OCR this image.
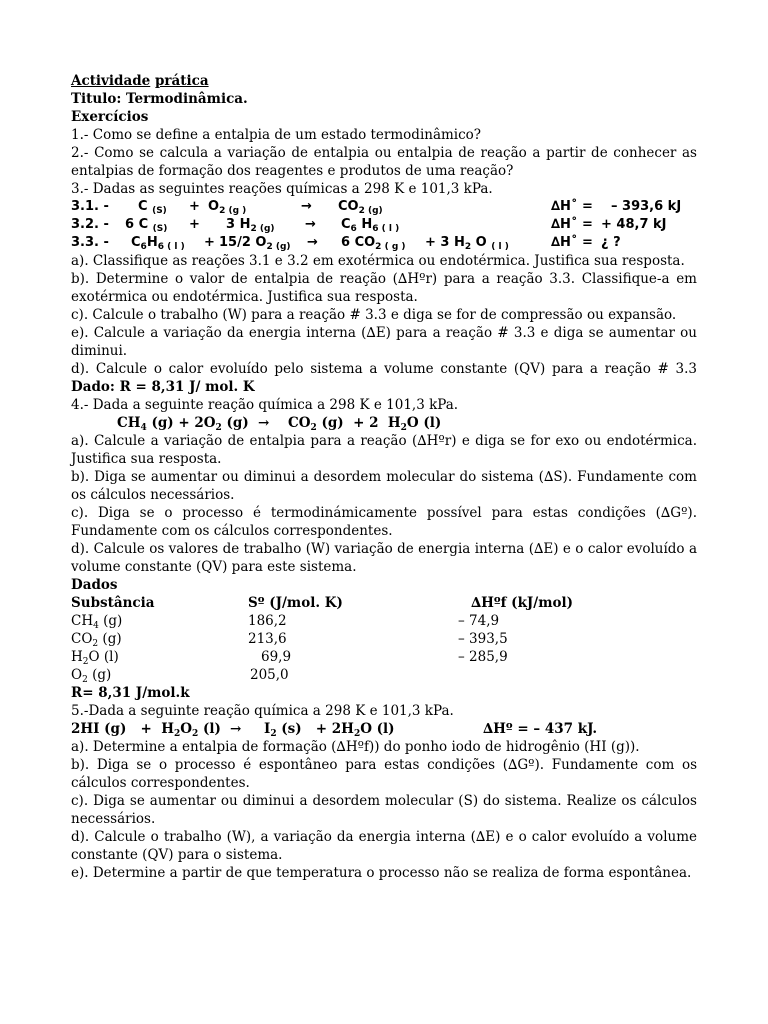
Actividade prática
Titulo: Termodinâmica.
Exercícios
1.- Como se define a entalpia de um estado termodinâmico?
2.- Como se calcula a variação de entalpia ou entalpia de reação a partir de conhecer as entalpias de formação dos reagentes e produtos de uma reação?
3.- Dadas as seguintes reações químicas a 298 K e 101,3 kPa.
3.1. - C $_{(S)} + O_{2 (g )}$	→ $CO_{2 (g)}$	∆H˚ = – 393,6 kJ
3.2. - 6 C $_{(S)}$ + 3 $H_{2 (g)} \to C_6$ $H_{6 ( l )}$	∆H˚ = + 48,7 kJ
3.3. - $C_6H_{6 ( l )} + 15/2$ $O_{2 (g)} \to 6$ $CO_{2 ( g )} + 3$ $H_2$ O $_{( l )}$	∆H˚ = ¿ ?
a). Classifique as reações 3.1 e 3.2 em exotérmica ou endotérmica. Justifica sua resposta.
b). Determine o valor de entalpia de reação (∆Hºr) para a reação 3.3. Classifique-a em exotérmica ou endotérmica. Justifica sua resposta.
c). Calcule o trabalho (W) para a reação # 3.3 e diga se for de compressão ou expansão.
e). Calcule a variação da energia interna (∆E) para a reação # 3.3 e diga se aumentar ou diminui.
d). Calcule o calor evoluído pelo sistema a volume constante (QV) para a reação # 3.3 Dado: R = 8,31 J/ mol. K
4.- Dada a seguinte reação química a 298 K e 101,3 kPa.
$CH_4$ $(g) + 2O_2$ $(g) \to CO_2$ (g)  + 2  $H_2O$ (l)
a). Calcule a variação de entalpia para a reação (∆Hºr) e diga se for exo ou endotérmica. Justifica sua resposta.
b). Diga se aumentar ou diminui a desordem molecular do sistema (∆S). Fundamente com os cálculos necessários.
c). Diga se o processo é termodinámicamente possível para estas condições (∆Gº). Fundamente com os cálculos correspondentes.
d). Calcule os valores de trabalho (W) variação de energia interna (∆E) e o calor evoluído a volume constante (QV) para este sistema.
Dados
Substância	Sº (J/mol. K)	∆Hºf (kJ/mol)
$CH_4$ (g)	186,2	– 74,9
$CO_2$ (g)	213,6	– 393,5
$H_2O$ (l)	69,9	– 285,9
$O_2$ (g)	205,0
R= 8,31 J/mol.k
5.-Dada a seguinte reação química a 298 K e 101,3 kPa.
2HI $(g) + H_2O_2$ $(l) \to I_2$ $(s) + 2H_2O$ (l)	∆Hº = – 437 kJ.
a). Determine a entalpia de formação (∆Hºf)) do ponho iodo de hidrogênio (HI (g)).
b). Diga se o processo é espontâneo para estas condições (∆Gº). Fundamente com os cálculos correspondentes.
c). Diga se aumentar ou diminui a desordem molecular (S) do sistema. Realize os cálculos necessários.
d). Calcule o trabalho (W), a variação da energia interna (∆E) e o calor evoluído a volume constante (QV) para o sistema.
e). Determine a partir de que temperatura o processo não se realiza de forma espontânea.
